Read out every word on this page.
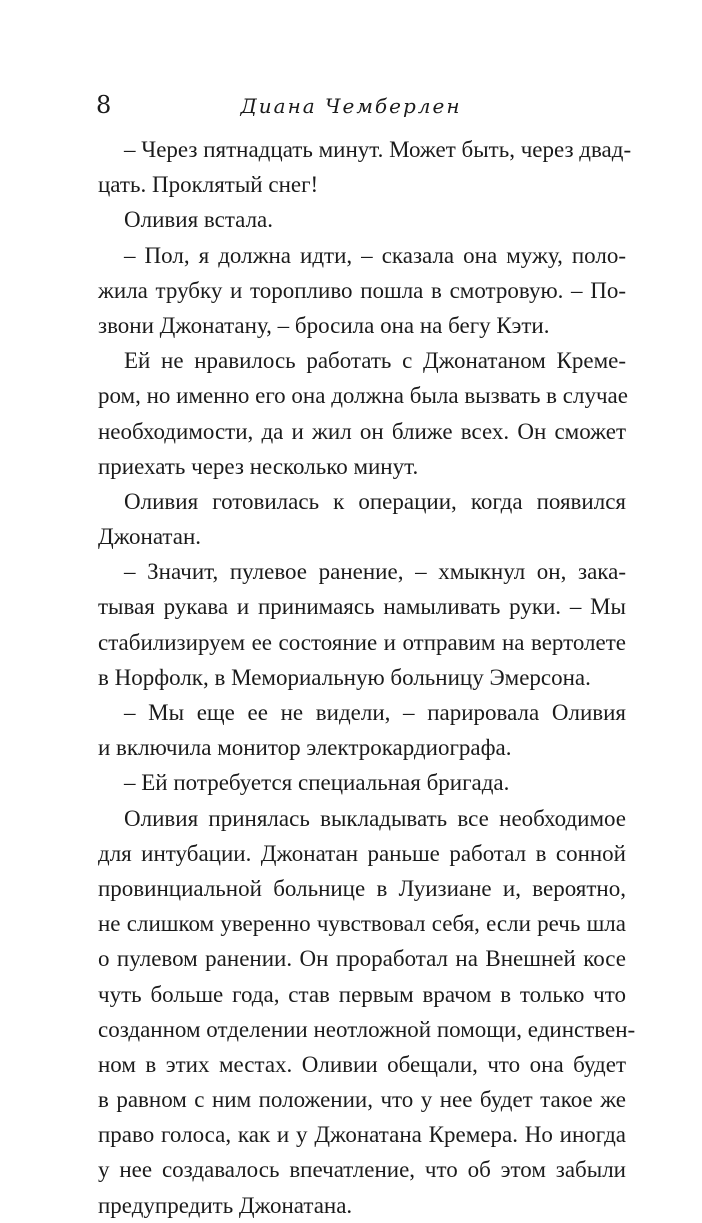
8	Диана Чемберлен
– Через пятнадцать минут. Может быть, через двад-
цать. Проклятый снег!
Оливия встала.
– Пол, я должна идти, – сказала она мужу, поло-
жила трубку и торопливо пошла в смотровую. – По-
звони Джонатану, – бросила она на бегу Кэти.
Ей не нравилось работать с Джонатаном Кремe-
ром, но именно его она должна была вызвать в случае
необходимости, да и жил он ближе всех. Он сможет
приехать через несколько минут.
Оливия готовилась к операции, когда появился
Джонатан.
– Значит, пулевое ранение, – хмыкнул он, зака-
тывая рукава и принимаясь намыливать руки. – Мы
стабилизируем ее состояние и отправим на вертолете
в Норфолк, в Мемориальную больницу Эмерсона.
– Мы еще ее не видели, – парировала Оливия
и включила монитор электрокардиографа.
– Ей потребуется специальная бригада.
Оливия принялась выкладывать все необходимое
для интубации. Джонатан раньше работал в сонной
провинциальной больнице в Луизиане и, вероятно,
не слишком уверенно чувствовал себя, если речь шла
о пулевом ранении. Он проработал на Внешней косе
чуть больше года, став первым врачом в только что
созданном отделении неотложной помощи, единствен-
ном в этих местах. Оливии обещали, что она будет
в равном с ним положении, что у нее будет такое же
право голоса, как и у Джонатана Кремера. Но иногда
у нее создавалось впечатление, что об этом забыли
предупредить Джонатана.
